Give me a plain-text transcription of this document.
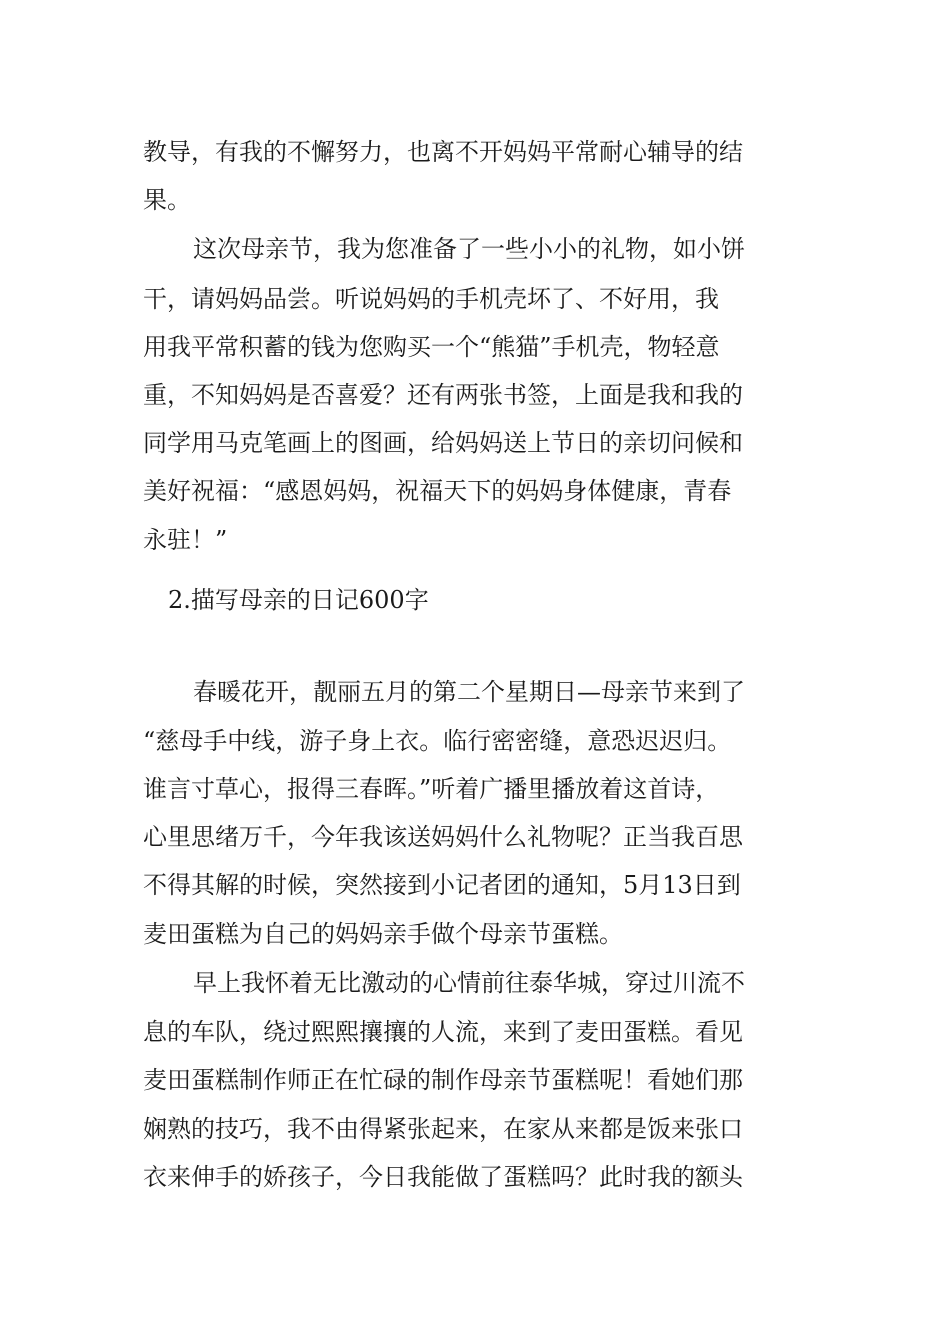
教导，有我的不懈努力，也离不开妈妈平常耐心辅导的结
果。
这次母亲节，我为您准备了一些小小的礼物，如小饼
干，请妈妈品尝。听说妈妈的手机壳坏了、不好用，我
用我平常积蓄的钱为您购买一个“熊猫”手机壳，物轻意
重，不知妈妈是否喜爱？还有两张书签，上面是我和我的
同学用马克笔画上的图画，给妈妈送上节日的亲切问候和
美好祝福：“感恩妈妈，祝福天下的妈妈身体健康，青春
永驻！”
2.描写母亲的日记600字
春暖花开，靓丽五月的第二个星期日—母亲节来到了
“慈母手中线，游子身上衣。临行密密缝，意恐迟迟归。
谁言寸草心，报得三春晖。”听着广播里播放着这首诗，
心里思绪万千，今年我该送妈妈什么礼物呢？正当我百思
不得其解的时候，突然接到小记者团的通知，5月13日到
麦田蛋糕为自己的妈妈亲手做个母亲节蛋糕。
早上我怀着无比激动的心情前往泰华城，穿过川流不
息的车队，绕过熙熙攘攘的人流，来到了麦田蛋糕。看见
麦田蛋糕制作师正在忙碌的制作母亲节蛋糕呢！看她们那
娴熟的技巧，我不由得紧张起来，在家从来都是饭来张口
衣来伸手的娇孩子，今日我能做了蛋糕吗？此时我的额头
